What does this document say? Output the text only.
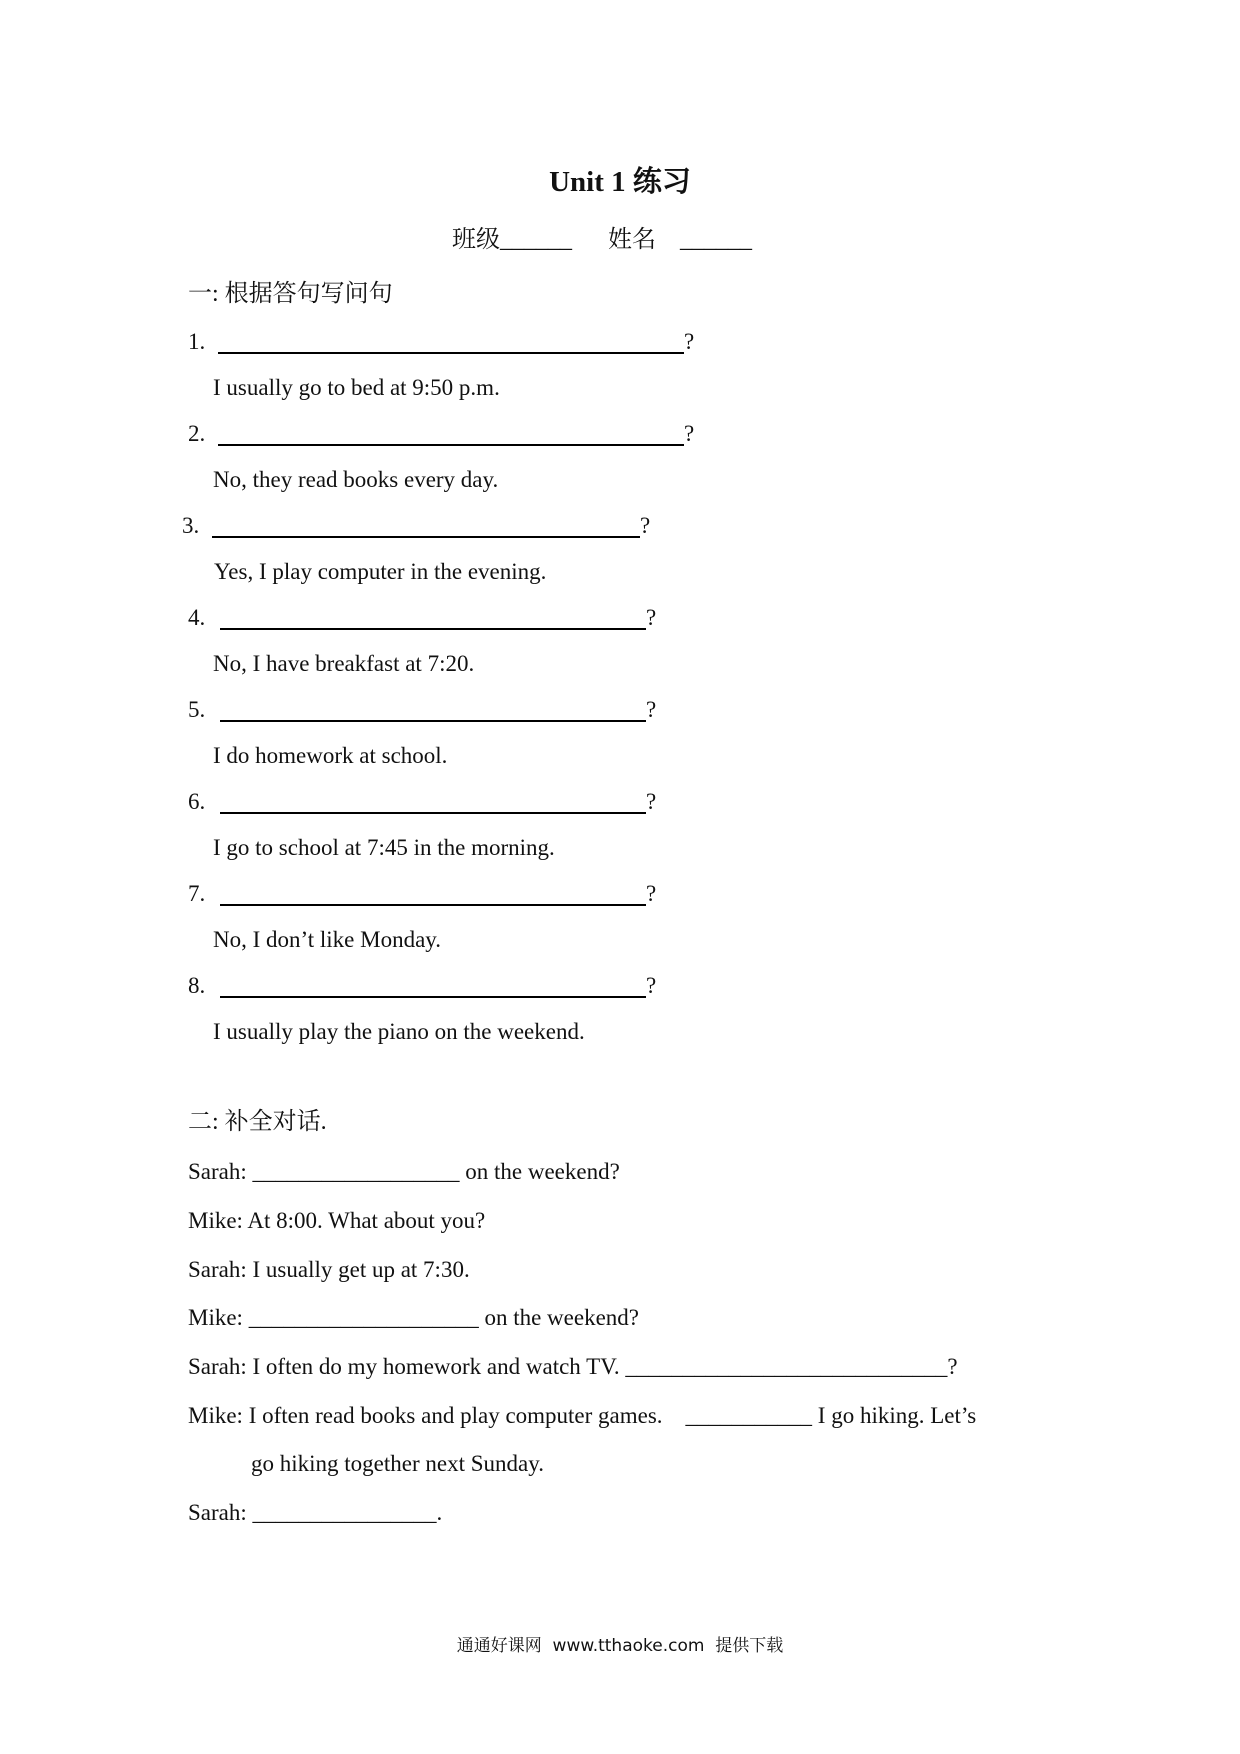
Unit 1 练习
班级______      姓名    ______
一: 根据答句写问句
1.	?
I usually go to bed at 9:50 p.m.
2.	?
No, they read books every day.
3.	?
Yes, I play computer in the evening.
4.	?
No, I have breakfast at 7:20.
5.	?
I do homework at school.
6.	?
I go to school at 7:45 in the morning.
7.	?
No, I don’t like Monday.
8.	?
I usually play the piano on the weekend.
二: 补全对话.
Sarah: __________________ on the weekend?
Mike: At 8:00. What about you?
Sarah: I usually get up at 7:30.
Mike: ____________________ on the weekend?
Sarah: I often do my homework and watch TV. ____________________________?
Mike: I often read books and play computer games.    ___________ I go hiking. Let’s
go hiking together next Sunday.
Sarah: ________________.
通通好课网  www.tthaoke.com  提供下载
